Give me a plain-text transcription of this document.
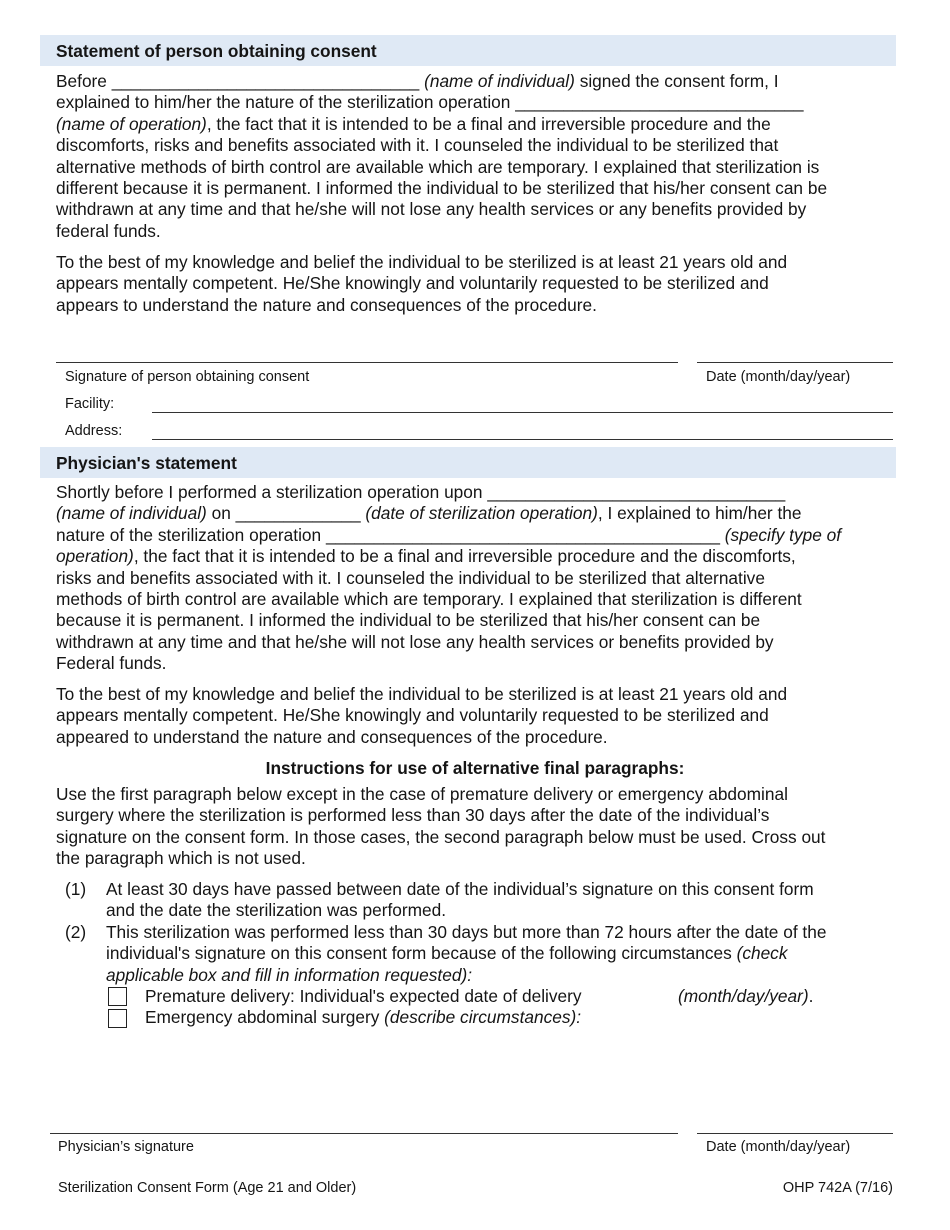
Statement of person obtaining consent
Before ________________________________ (name of individual) signed the consent form, I
explained to him/her the nature of the sterilization operation ______________________________
(name of operation), the fact that it is intended to be a final and irreversible procedure and the
discomforts, risks and benefits associated with it. I counseled the individual to be sterilized that
alternative methods of birth control are available which are temporary. I explained that sterilization is
different because it is permanent. I informed the individual to be sterilized that his/her consent can be
withdrawn at any time and that he/she will not lose any health services or any benefits provided by
federal funds.
To the best of my knowledge and belief the individual to be sterilized is at least 21 years old and
appears mentally competent. He/She knowingly and voluntarily requested to be sterilized and
appears to understand the nature and consequences of the procedure.
Signature of person obtaining consent	Date (month/day/year)
Facility:
Address:
Physician's statement
Shortly before I performed a sterilization operation upon _______________________________
(name of individual) on _____________ (date of sterilization operation), I explained to him/her the
nature of the sterilization operation _________________________________________ (specify type of
operation), the fact that it is intended to be a final and irreversible procedure and the discomforts,
risks and benefits associated with it. I counseled the individual to be sterilized that alternative
methods of birth control are available which are temporary. I explained that sterilization is different
because it is permanent. I informed the individual to be sterilized that his/her consent can be
withdrawn at any time and that he/she will not lose any health services or benefits provided by
Federal funds.
To the best of my knowledge and belief the individual to be sterilized is at least 21 years old and
appears mentally competent. He/She knowingly and voluntarily requested to be sterilized and
appeared to understand the nature and consequences of the procedure.
Instructions for use of alternative final paragraphs:
Use the first paragraph below except in the case of premature delivery or emergency abdominal
surgery where the sterilization is performed less than 30 days after the date of the individual’s
signature on the consent form. In those cases, the second paragraph below must be used. Cross out
the paragraph which is not used.
(1) At least 30 days have passed between date of the individual’s signature on this consent form
and the date the sterilization was performed.
(2) This sterilization was performed less than 30 days but more than 72 hours after the date of the
individual's signature on this consent form because of the following circumstances (check
applicable box and fill in information requested):
Premature delivery: Individual's expected date of delivery	(month/day/year).
Emergency abdominal surgery (describe circumstances):
Physician’s signature	Date (month/day/year)
Sterilization Consent Form (Age 21 and Older)	OHP 742A (7/16)
